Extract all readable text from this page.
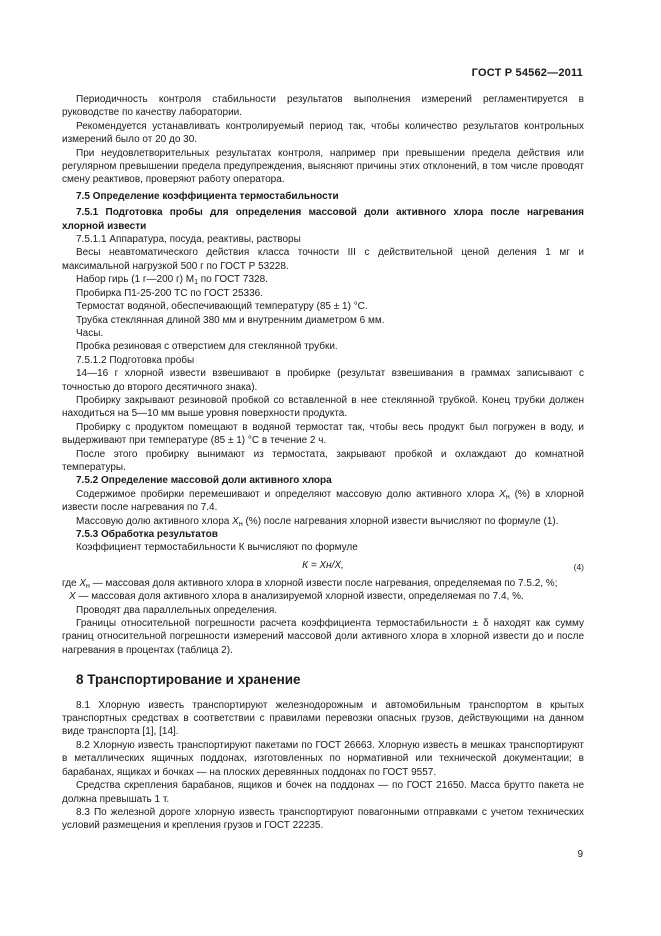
ГОСТ Р 54562—2011

Периодичность контроля стабильности результатов выполнения измерений регламентируется в руководстве по качеству лаборатории.

Рекомендуется устанавливать контролируемый период так, чтобы количество результатов контрольных измерений было от 20 до 30.

При неудовлетворительных результатах контроля, например при превышении предела действия или регулярном превышении предела предупреждения, выясняют причины этих отклонений, в том числе проводят смену реактивов, проверяют работу оператора.

7.5 Определение коэффициента термостабильности

7.5.1 Подготовка пробы для определения массовой доли активного хлора после нагревания хлорной извести

7.5.1.1 Аппаратура, посуда, реактивы, растворы

Весы неавтоматического действия класса точности III с действительной ценой деления 1 мг и максимальной нагрузкой 500 г по ГОСТ Р 53228.

Набор гирь (1 г—200 г) $М_1$ по ГОСТ 7328.

Пробирка П1-25-200 ТС по ГОСТ 25336.

Термостат водяной, обеспечивающий температуру (85 ± 1) °С.

Трубка стеклянная длиной 380 мм и внутренним диаметром 6 мм.

Часы.

Пробка резиновая с отверстием для стеклянной трубки.

7.5.1.2 Подготовка пробы

14—16 г хлорной извести взвешивают в пробирке (результат взвешивания в граммах записывают с точностью до второго десятичного знака).

Пробирку закрывают резиновой пробкой со вставленной в нее стеклянной трубкой. Конец трубки должен находиться на 5—10 мм выше уровня поверхности продукта.

Пробирку с продуктом помещают в водяной термостат так, чтобы весь продукт был погружен в воду, и выдерживают при температуре (85 ± 1) °С в течение 2 ч.

После этого пробирку вынимают из термостата, закрывают пробкой и охлаждают до комнатной температуры.

7.5.2 Определение массовой доли активного хлора

Содержимое пробирки перемешивают и определяют массовую долю активного хлора $X_н$ (%) в хлорной извести после нагревания по 7.4.

Массовую долю активного хлора $X_н$ (%) после нагревания хлорной извести вычисляют по формуле (1).

7.5.3 Обработка результатов

Коэффициент термостабильности К вычисляют по формуле

К = Xн/X,	(4)

где $X_н$ — массовая доля активного хлора в хлорной извести после нагревания, определяемая по 7.5.2, %;

X — массовая доля активного хлора в анализируемой хлорной извести, определяемая по 7.4, %.

Проводят два параллельных определения.

Границы относительной погрешности расчета коэффициента термостабильности ± δ находят как сумму границ относительной погрешности измерений массовой доли активного хлора в хлорной извести до и после нагревания в процентах (таблица 2).

8 Транспортирование и хранение

8.1 Хлорную известь транспортируют железнодорожным и автомобильным транспортом в крытых транспортных средствах в соответствии с правилами перевозки опасных грузов, действующими на данном виде транспорта [1], [14].

8.2 Хлорную известь транспортируют пакетами по ГОСТ 26663. Хлорную известь в мешках транспортируют в металлических ящичных поддонах, изготовленных по нормативной или технической документации; в барабанах, ящиках и бочках — на плоских деревянных поддонах по ГОСТ 9557.

Средства скрепления барабанов, ящиков и бочек на поддонах — по ГОСТ 21650. Масса брутто пакета не должна превышать 1 т.

8.3 По железной дороге хлорную известь транспортируют повагонными отправками с учетом технических условий размещения и крепления грузов и ГОСТ 22235.

9
